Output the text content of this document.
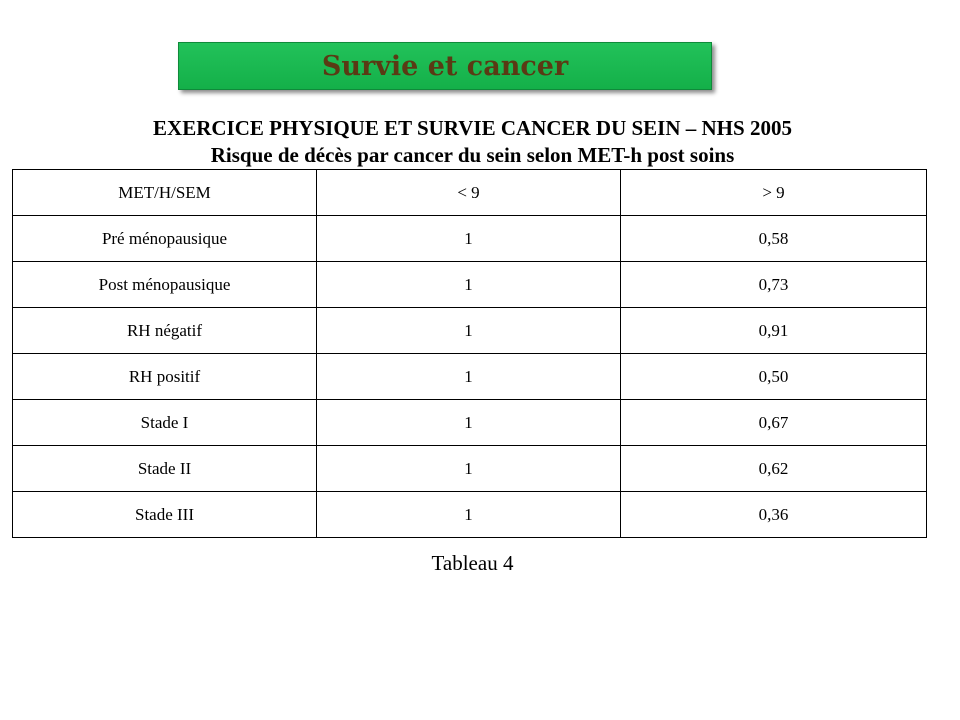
Survie et cancer
EXERCICE PHYSIQUE ET SURVIE CANCER DU SEIN – NHS 2005
Risque de décès par cancer du sein selon MET-h post soins
MET/H/SEM	< 9	> 9
Pré ménopausique	1	0,58
Post ménopausique	1	0,73
RH négatif	1	0,91
RH positif	1	0,50
Stade I	1	0,67
Stade II	1	0,62
Stade III	1	0,36
Tableau 4
